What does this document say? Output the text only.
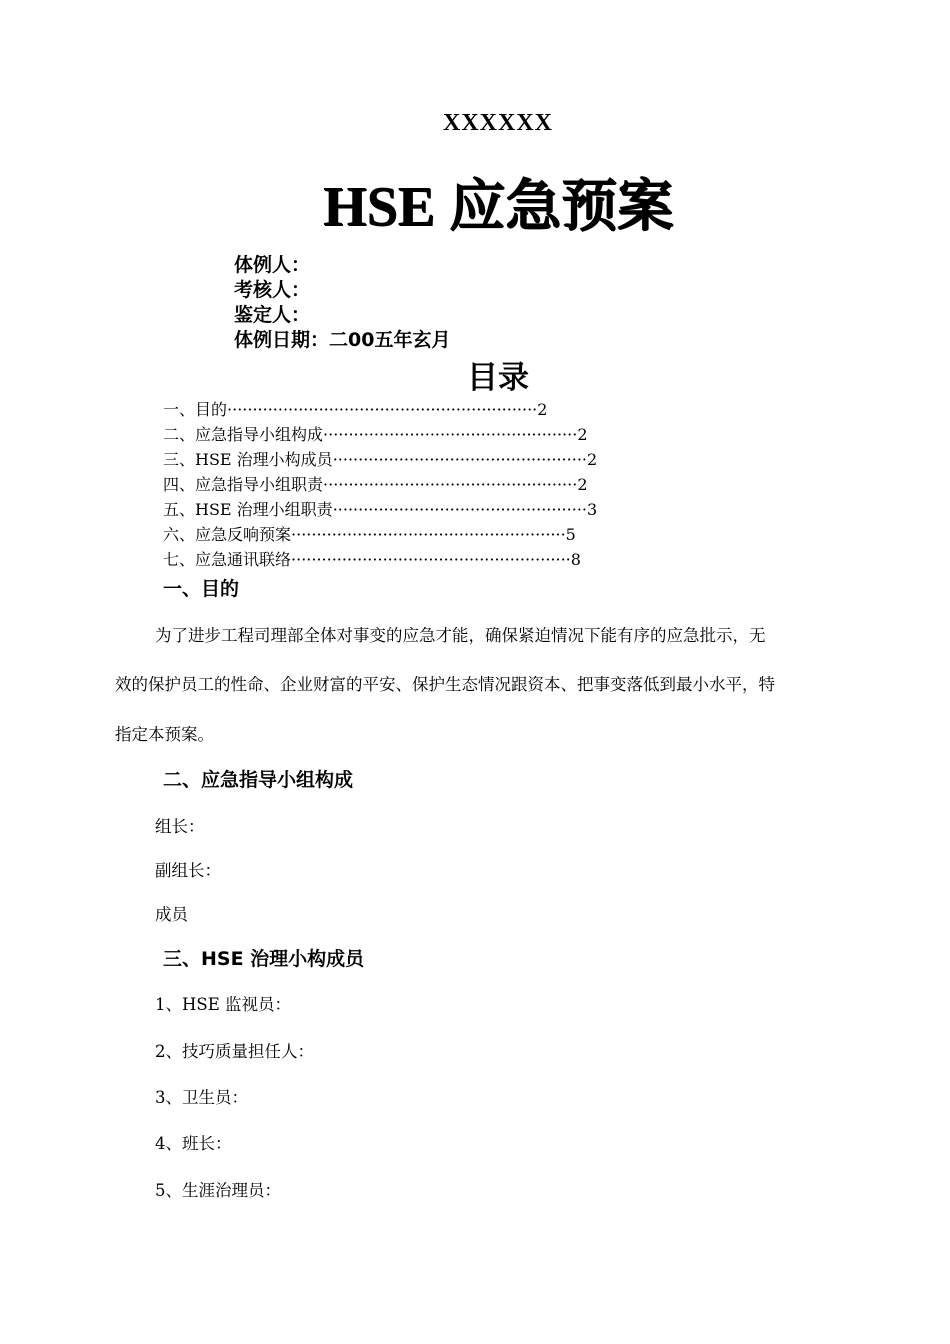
XXXXXX
HSE 应急预案
体例人：
考核人：
鉴定人：
体例日期：二00五年玄月
目录
一、目的 ····························································· 2
二、应急指导小组构成 ·················································· 2
三、HSE 治理小构成员 ·················································· 2
四、应急指导小组职责 ·················································· 2
五、HSE 治理小组职责 ·················································· 3
六、应急反响预案 ······················································ 5
七、应急通讯联络 ······················································· 8
一、目的
为了进步工程司理部全体对事变的应急才能，确保紧迫情况下能有序的应急批示，无
效的保护员工的性命、企业财富的平安、保护生态情况跟资本、把事变落低到最小水平，特
指定本预案。
二、应急指导小组构成
组长：
副组长：
成员
三、HSE 治理小构成员
1、HSE 监视员：
2、技巧质量担任人：
3、卫生员：
4、班长：
5、生涯治理员：
